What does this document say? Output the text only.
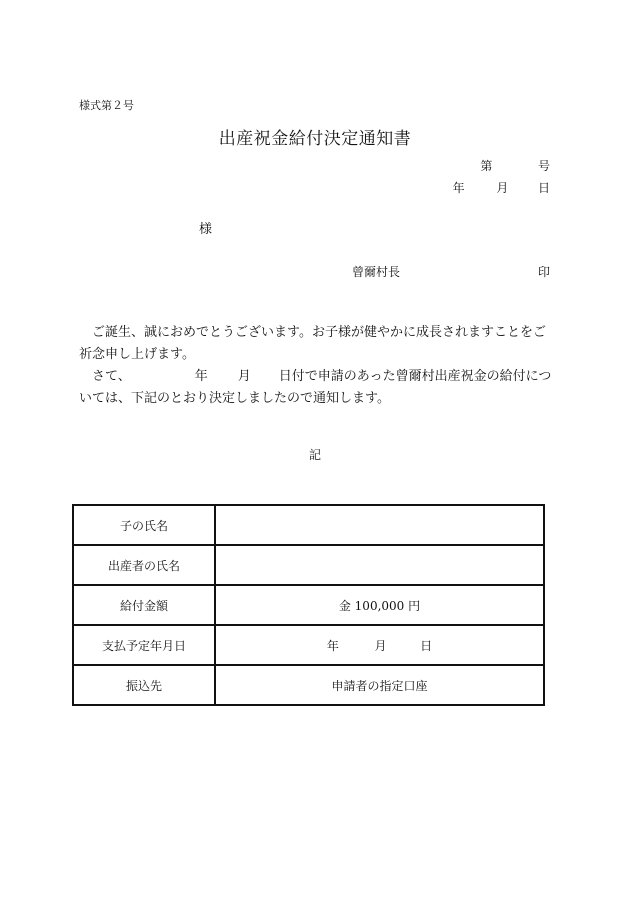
様式第２号
出産祝金給付決定通知書
第	号
年	月 日
様
曾爾村長	印
　ご誕生、誠におめでとうございます。お子様が健やかに成長されますことをご祈念申し上げます。
　さて、	年 月 日付で申請のあった曾爾村出産祝金の給付については、下記のとおり決定しましたので通知します。
記
子の氏名	
出産者の氏名	
給付金額	金 100,000 円
支払予定年月日	年 月 日
振込先	申請者の指定口座
